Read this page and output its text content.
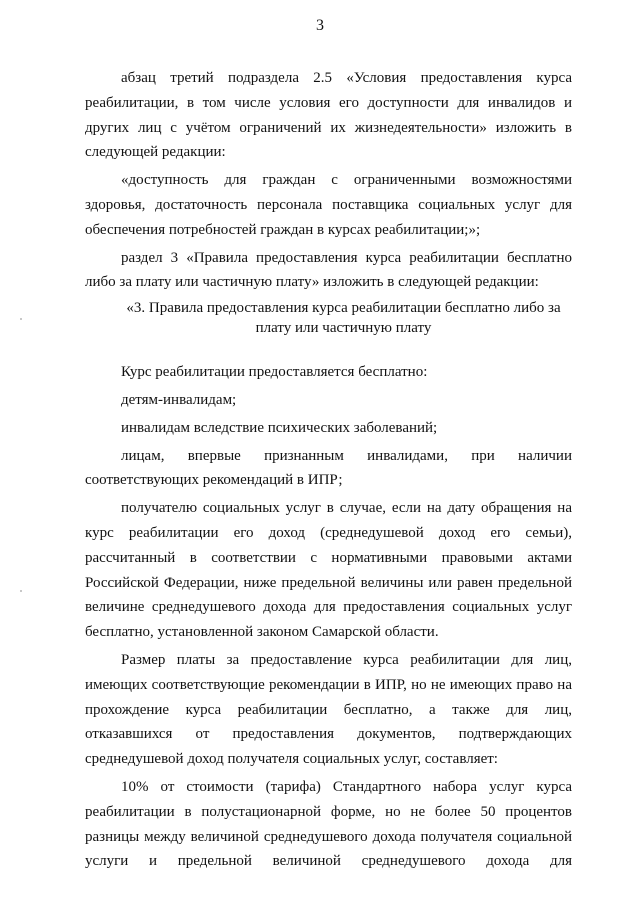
3

абзац третий подраздела 2.5 «Условия предоставления курса реабилитации, в том числе условия его доступности для инвалидов и других лиц с учётом ограничений их жизнедеятельности» изложить в следующей редакции:

«доступность для граждан с ограниченными возможностями здоровья, достаточность персонала поставщика социальных услуг для обеспечения потребностей граждан в курсах реабилитации;»;

раздел 3 «Правила предоставления курса реабилитации бесплатно либо за плату или частичную плату» изложить в следующей редакции:

«3. Правила предоставления курса реабилитации бесплатно либо за плату или частичную плату

Курс реабилитации предоставляется бесплатно:

детям-инвалидам;

инвалидам вследствие психических заболеваний;

лицам, впервые признанным инвалидами, при наличии соответствующих рекомендаций в ИПР;

получателю социальных услуг в случае, если на дату обращения на курс реабилитации его доход (среднедушевой доход его семьи), рассчитанный в соответствии с нормативными правовыми актами Российской Федерации, ниже предельной величины или равен предельной величине среднедушевого дохода для предоставления социальных услуг бесплатно, установленной законом Самарской области.

Размер платы за предоставление курса реабилитации для лиц, имеющих соответствующие рекомендации в ИПР, но не имеющих право на прохождение курса реабилитации бесплатно, а также для лиц, отказавшихся от предоставления документов, подтверждающих среднедушевой доход получателя социальных услуг, составляет:

10% от стоимости (тарифа) Стандартного набора услуг курса реабилитации в полустационарной форме, но не более 50 процентов разницы между величиной среднедушевого дохода получателя социальной услуги и предельной величиной среднедушевого дохода для
